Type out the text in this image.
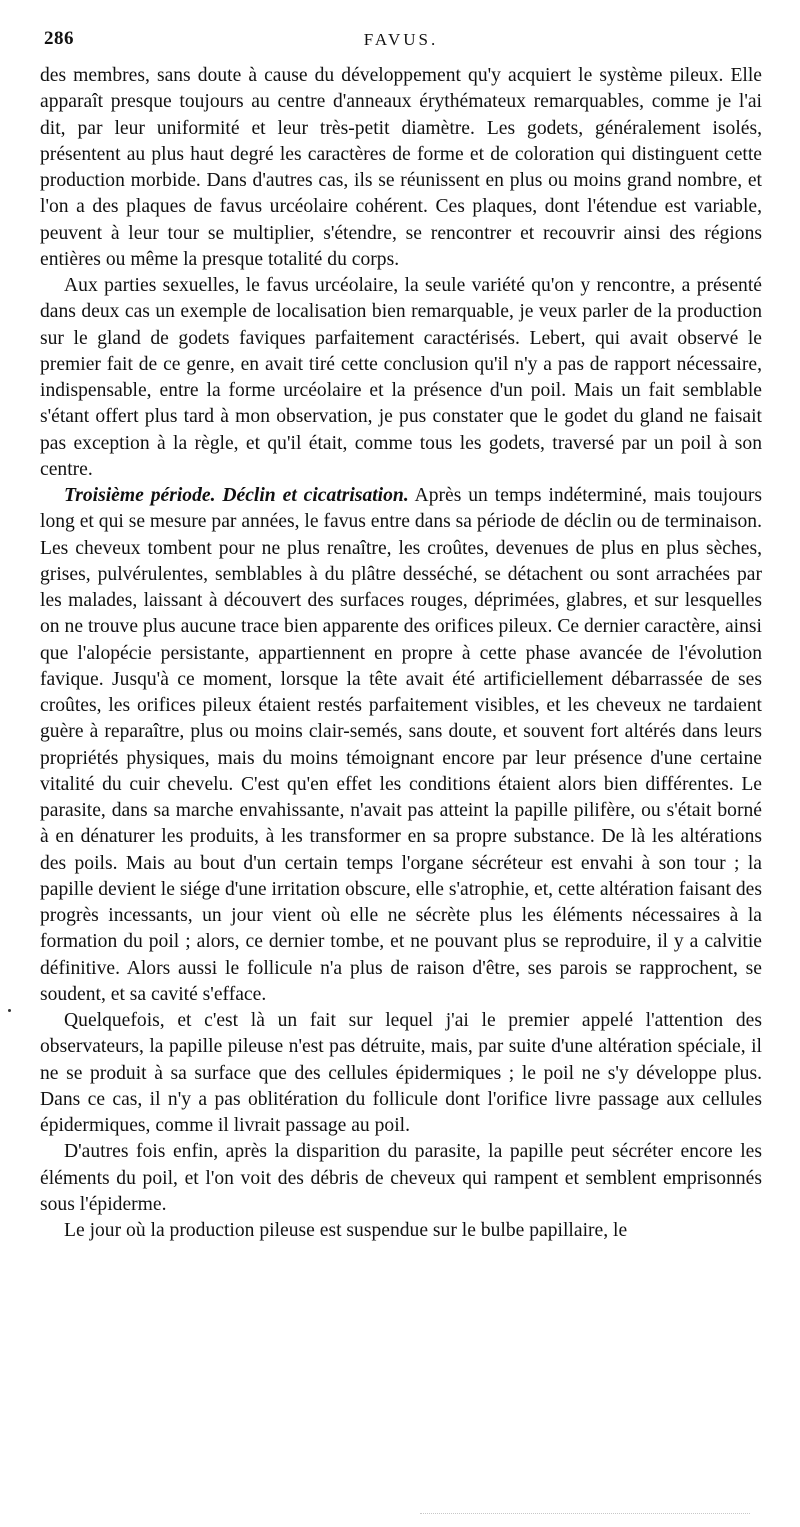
286	FAVUS.

des membres, sans doute à cause du développement qu'y acquiert le système pileux. Elle apparaît presque toujours au centre d'anneaux érythémateux remarquables, comme je l'ai dit, par leur uniformité et leur très-petit diamètre. Les godets, généralement isolés, présentent au plus haut degré les caractères de forme et de coloration qui distinguent cette production morbide. Dans d'autres cas, ils se réunissent en plus ou moins grand nombre, et l'on a des plaques de favus urcéolaire cohérent. Ces plaques, dont l'étendue est variable, peuvent à leur tour se multiplier, s'étendre, se rencontrer et recouvrir ainsi des régions entières ou même la presque totalité du corps.

Aux parties sexuelles, le favus urcéolaire, la seule variété qu'on y rencontre, a présenté dans deux cas un exemple de localisation bien remarquable, je veux parler de la production sur le gland de godets faviques parfaitement caractérisés. Lebert, qui avait observé le premier fait de ce genre, en avait tiré cette conclusion qu'il n'y a pas de rapport nécessaire, indispensable, entre la forme urcéolaire et la présence d'un poil. Mais un fait semblable s'étant offert plus tard à mon observation, je pus constater que le godet du gland ne faisait pas exception à la règle, et qu'il était, comme tous les godets, traversé par un poil à son centre.

Troisième période. Déclin et cicatrisation. Après un temps indéterminé, mais toujours long et qui se mesure par années, le favus entre dans sa période de déclin ou de terminaison. Les cheveux tombent pour ne plus renaître, les croûtes, devenues de plus en plus sèches, grises, pulvérulentes, semblables à du plâtre desséché, se détachent ou sont arrachées par les malades, laissant à découvert des surfaces rouges, déprimées, glabres, et sur lesquelles on ne trouve plus aucune trace bien apparente des orifices pileux. Ce dernier caractère, ainsi que l'alopécie persistante, appartiennent en propre à cette phase avancée de l'évolution favique. Jusqu'à ce moment, lorsque la tête avait été artificiellement débarrassée de ses croûtes, les orifices pileux étaient restés parfaitement visibles, et les cheveux ne tardaient guère à reparaître, plus ou moins clair-semés, sans doute, et souvent fort altérés dans leurs propriétés physiques, mais du moins témoignant encore par leur présence d'une certaine vitalité du cuir chevelu. C'est qu'en effet les conditions étaient alors bien différentes. Le parasite, dans sa marche envahissante, n'avait pas atteint la papille pilifère, ou s'était borné à en dénaturer les produits, à les transformer en sa propre substance. De là les altérations des poils. Mais au bout d'un certain temps l'organe sécréteur est envahi à son tour ; la papille devient le siége d'une irritation obscure, elle s'atrophie, et, cette altération faisant des progrès incessants, un jour vient où elle ne sécrète plus les éléments nécessaires à la formation du poil ; alors, ce dernier tombe, et ne pouvant plus se reproduire, il y a calvitie définitive. Alors aussi le follicule n'a plus de raison d'être, ses parois se rapprochent, se soudent, et sa cavité s'efface.

Quelquefois, et c'est là un fait sur lequel j'ai le premier appelé l'attention des observateurs, la papille pileuse n'est pas détruite, mais, par suite d'une altération spéciale, il ne se produit à sa surface que des cellules épidermiques ; le poil ne s'y développe plus. Dans ce cas, il n'y a pas oblitération du follicule dont l'orifice livre passage aux cellules épidermiques, comme il livrait passage au poil.

D'autres fois enfin, après la disparition du parasite, la papille peut sécréter encore les éléments du poil, et l'on voit des débris de cheveux qui rampent et semblent emprisonnés sous l'épiderme.

Le jour où la production pileuse est suspendue sur le bulbe papillaire, le
